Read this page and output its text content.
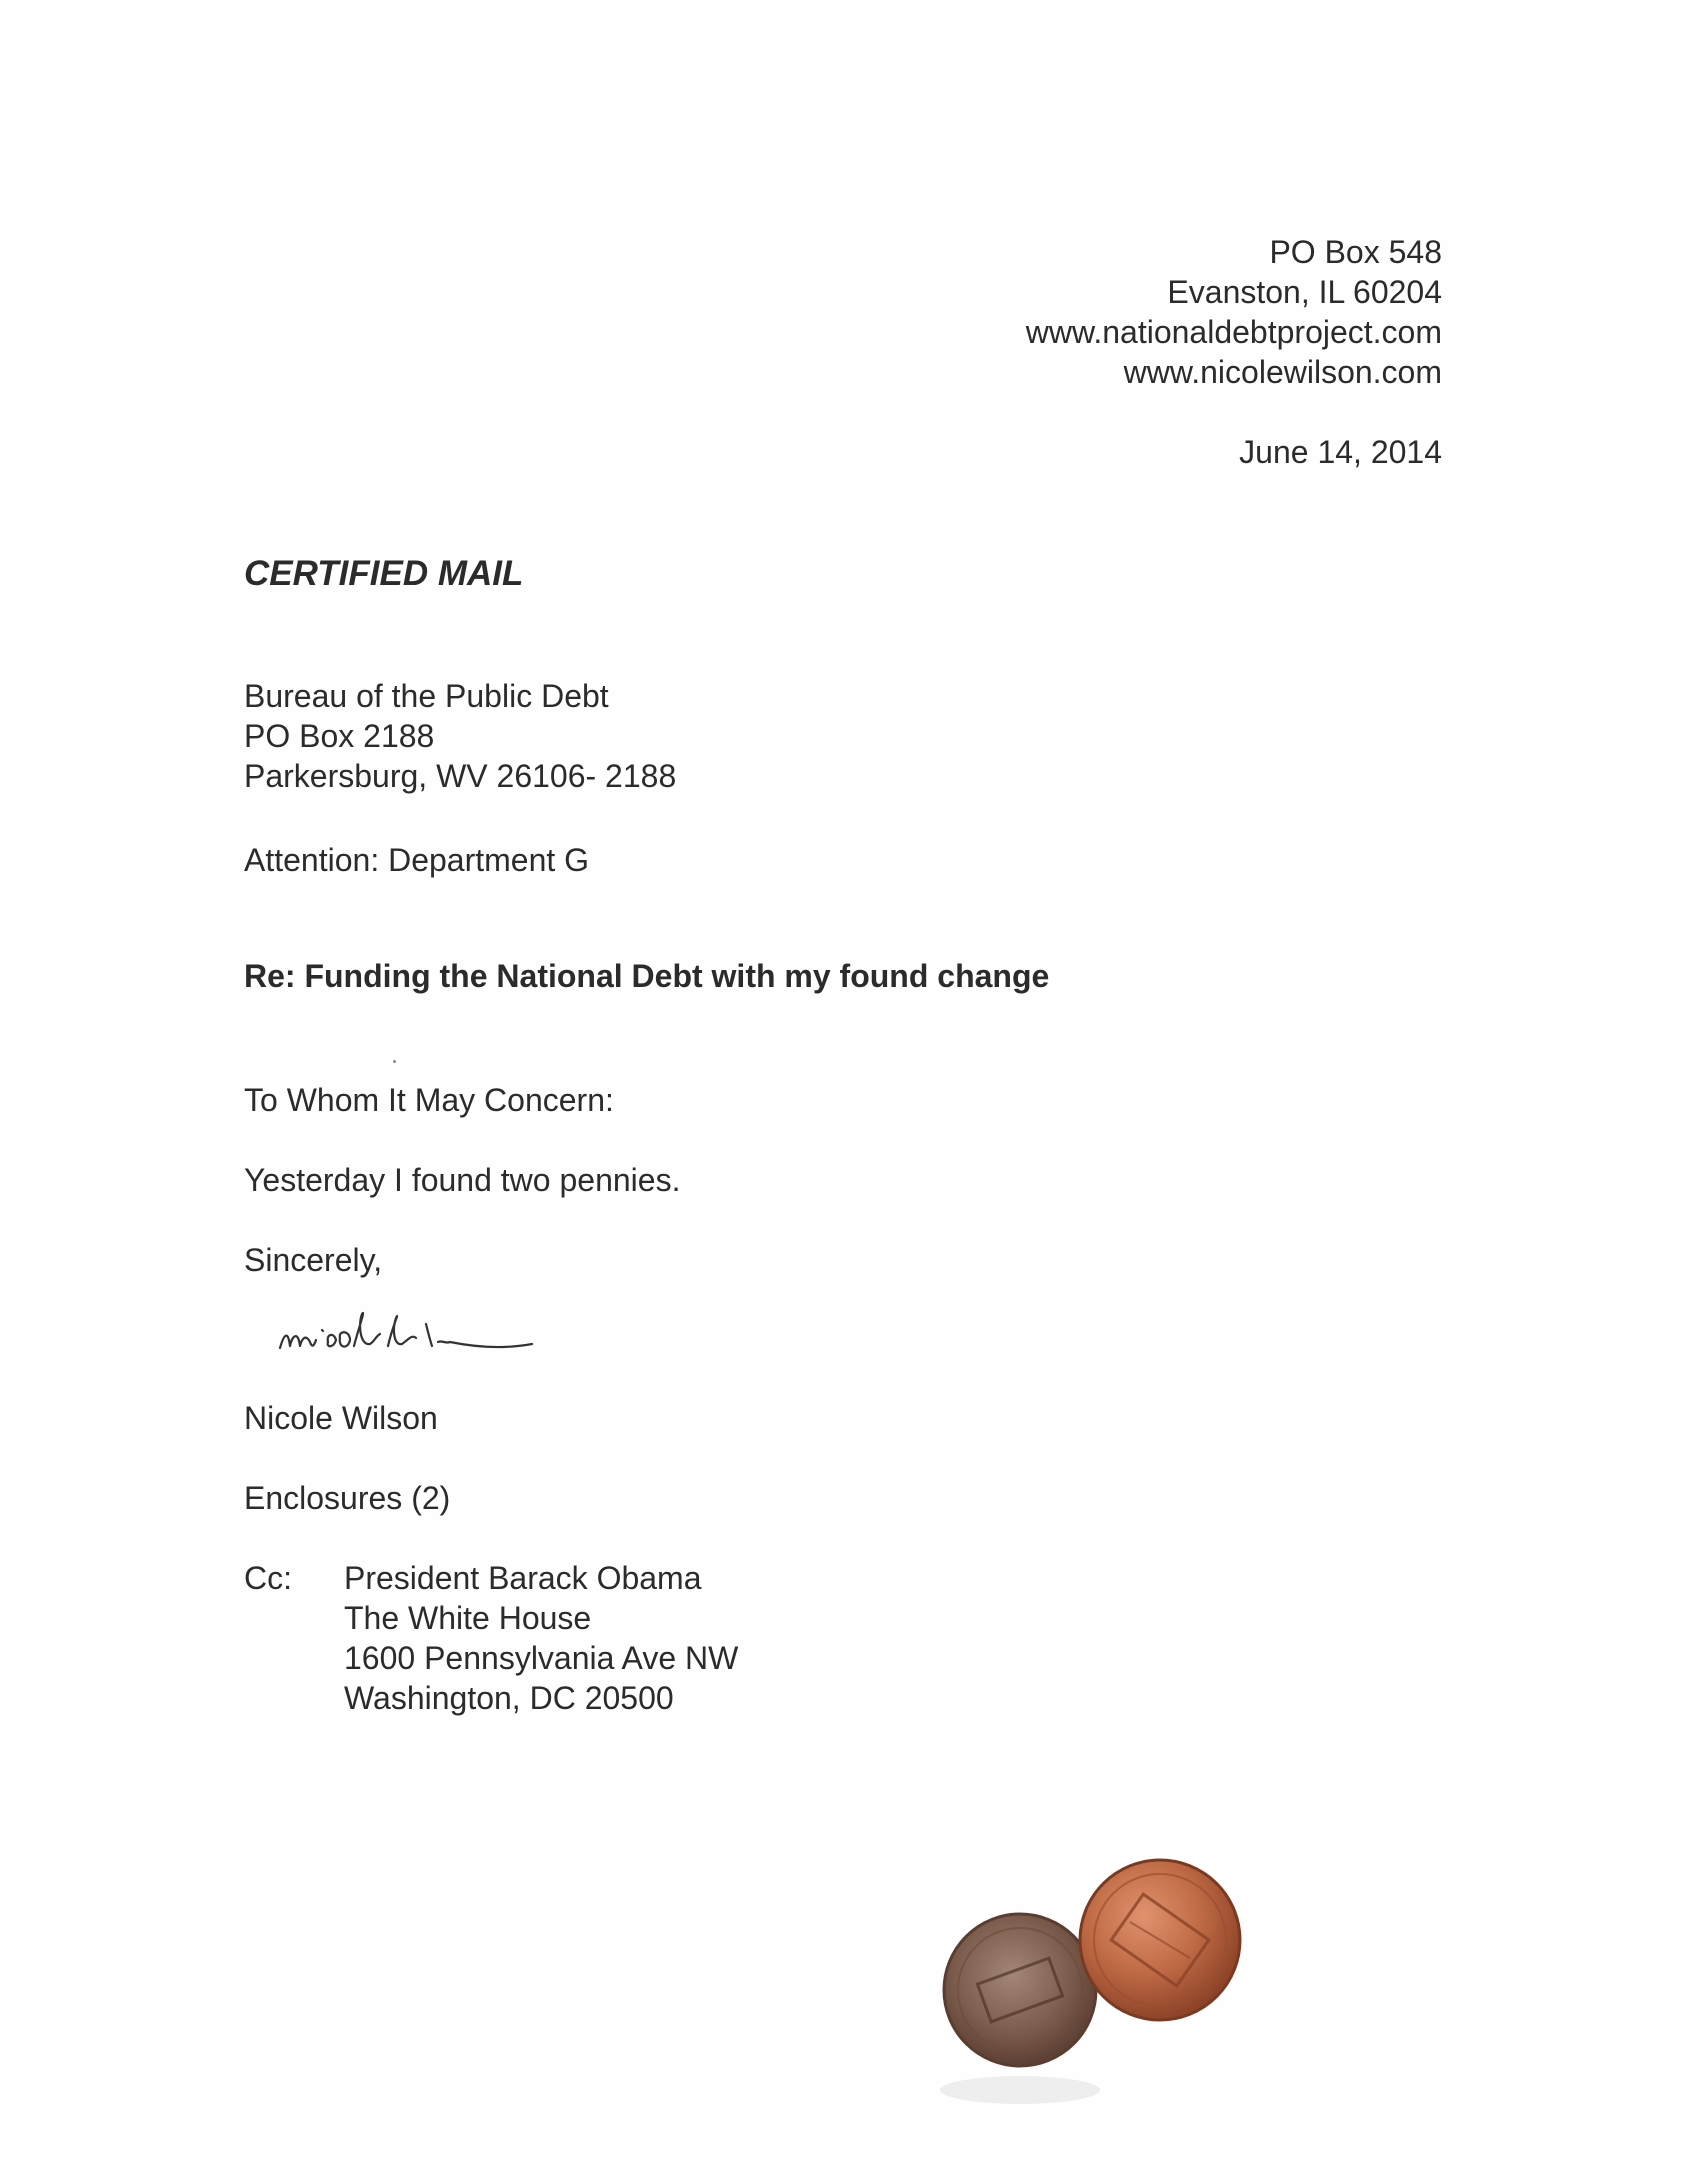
PO Box 548
Evanston, IL 60204
www.nationaldebtproject.com
www.nicolewilson.com
June 14, 2014
CERTIFIED MAIL
Bureau of the Public Debt
PO Box 2188
Parkersburg, WV 26106- 2188
Attention: Department G
Re: Funding the National Debt with my found change
To Whom It May Concern:
Yesterday I found two pennies.
Sincerely,
Nicole Wilson
Enclosures (2)
Cc: President Barack Obama
The White House
1600 Pennsylvania Ave NW
Washington, DC 20500
